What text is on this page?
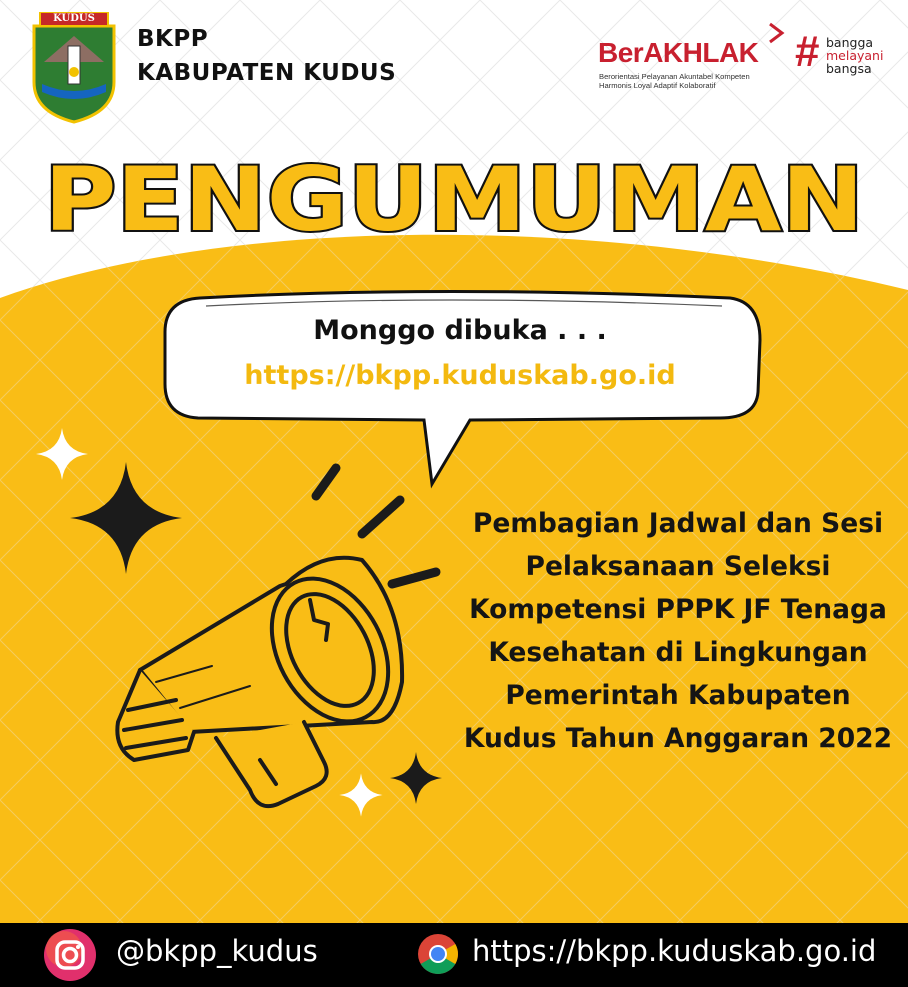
KUDUS
BKPP
KABUPATEN KUDUS
BerAKHLAK
Berorientasi Pelayanan Akuntabel Kompeten
Harmonis Loyal Adaptif Kolaboratif
# bangga
melayani
bangsa
PENGUMUMAN
Monggo dibuka . . .
https://bkpp.kuduskab.go.id
Pembagian Jadwal dan Sesi Pelaksanaan Seleksi Kompetensi PPPK JF Tenaga Kesehatan di Lingkungan Pemerintah Kabupaten Kudus Tahun Anggaran 2022
@bkpp_kudus	https://bkpp.kuduskab.go.id
